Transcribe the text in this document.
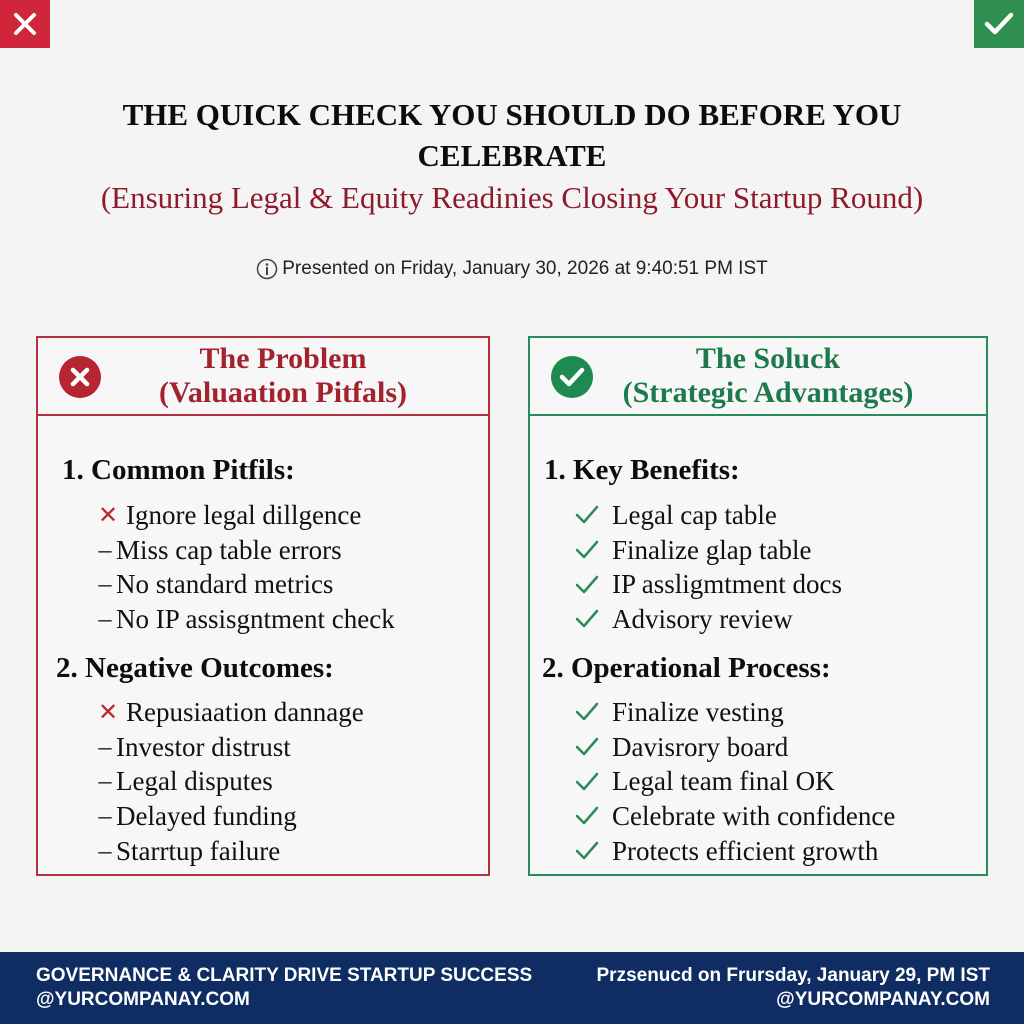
THE QUICK CHECK YOU SHOULD DO BEFORE YOU
CELEBRATE
(Ensuring Legal & Equity Readinies Closing Your Startup Round)
Presented on Friday, January 30, 2026 at 9:40:51 PM IST
The Problem
(Valuaation Pitfals)
1. Common Pitfils:
✕ Ignore legal dillgence
– Miss cap table errors
– No standard metrics
– No IP assisgntment check
2. Negative Outcomes:
✕ Repusiaation dannage
– Investor distrust
– Legal disputes
– Delayed funding
– Starrtup failure
The Soluck
(Strategic Advantages)
1. Key Benefits:
Legal cap table
Finalize glap table
IP assligmtment docs
Advisory review
2. Operational Process:
Finalize vesting
Davisrory board
Legal team final OK
Celebrate with confidence
Protects efficient growth
GOVERNANCE & CLARITY DRIVE STARTUP SUCCESS
@YURCOMPANAY.COM
Przsenucd on Frursday, January 29, PM IST
@YURCOMPANAY.COM
